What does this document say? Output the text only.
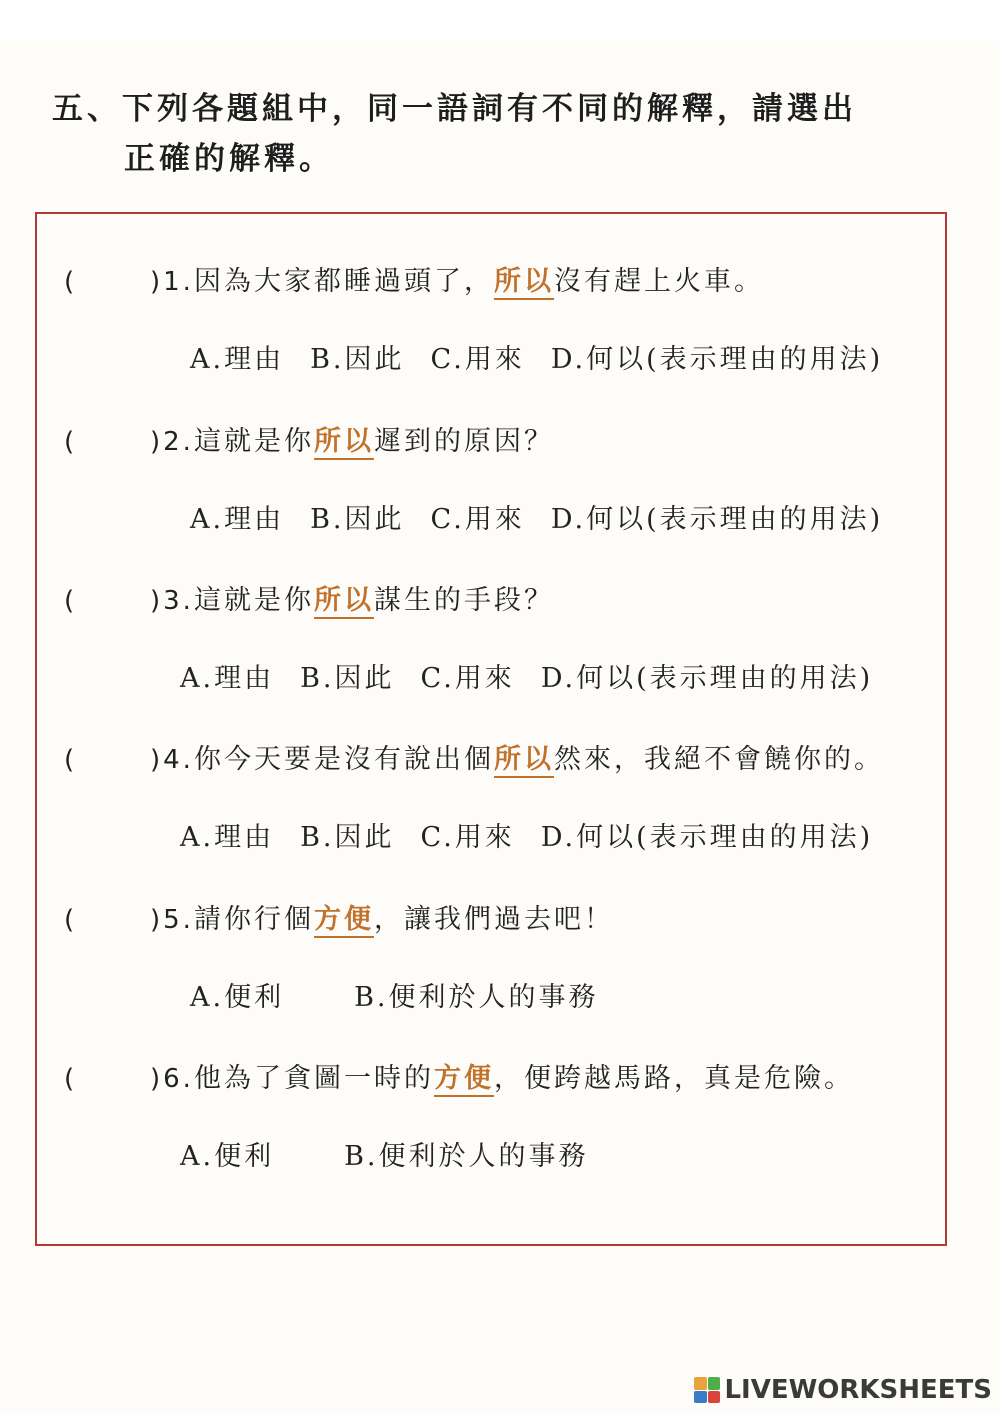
五、下列各題組中，同一語詞有不同的解釋，請選出
正確的解釋。
(	)1.因為大家都睡過頭了，所以沒有趕上火車。
A.理由 B.因此 C.用來 D.何以(表示理由的用法)
(	)2.這就是你所以遲到的原因？
A.理由 B.因此 C.用來 D.何以(表示理由的用法)
(	)3.這就是你所以謀生的手段？
A.理由 B.因此 C.用來 D.何以(表示理由的用法)
(	)4.你今天要是沒有說出個所以然來，我絕不會饒你的。
A.理由 B.因此 C.用來 D.何以(表示理由的用法)
(	)5.請你行個方便，讓我們過去吧！
A.便利	B.便利於人的事務
(	)6.他為了貪圖一時的方便，便跨越馬路，真是危險。
A.便利	B.便利於人的事務
LIVEWORKSHEETS
